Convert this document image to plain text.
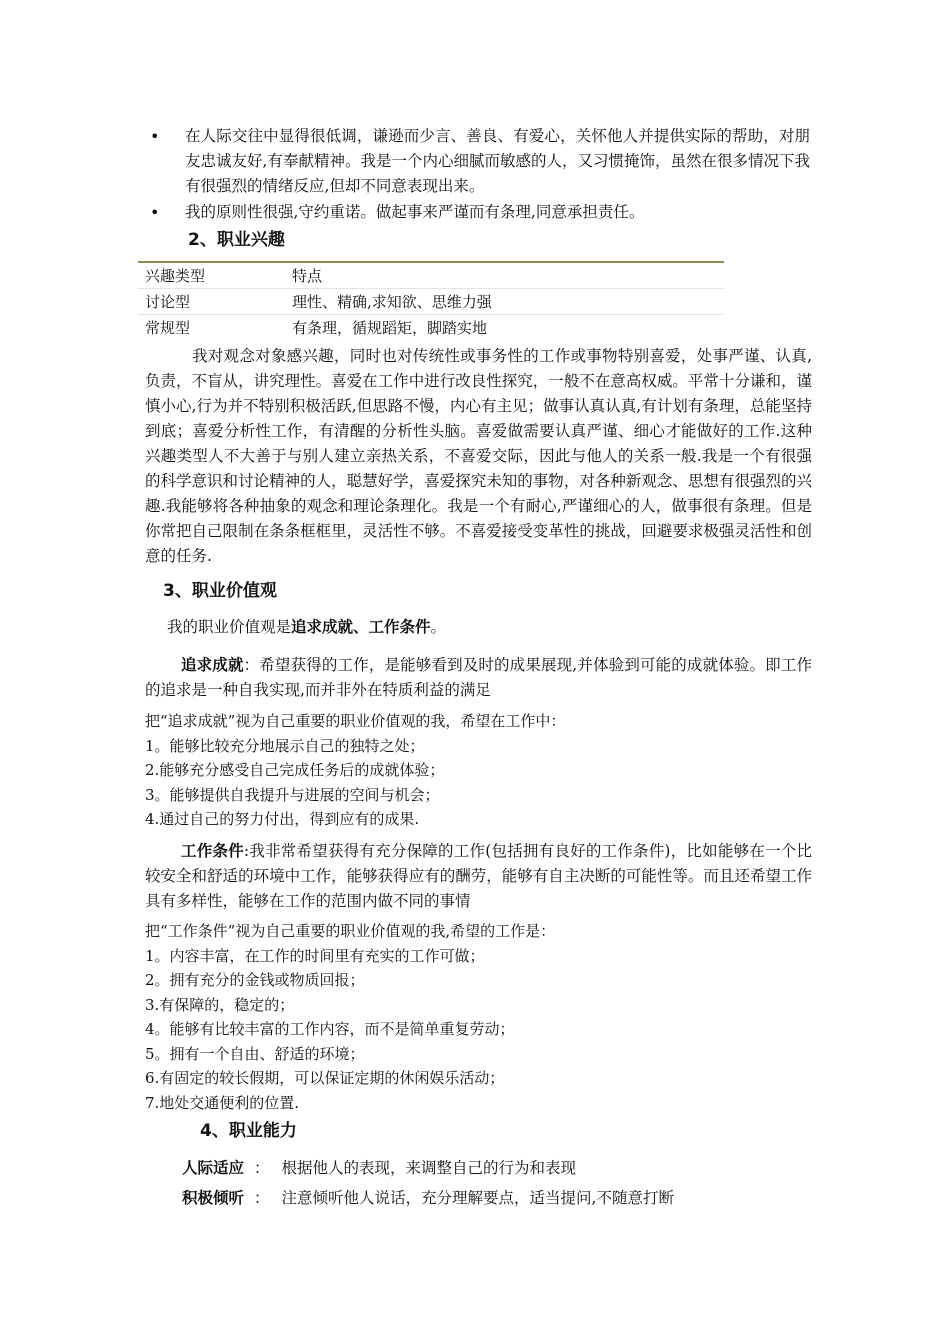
•	在人际交往中显得很低调，谦逊而少言、善良、有爱心，关怀他人并提供实际的帮助，对朋友忠诚友好,有奉献精神。我是一个内心细腻而敏感的人，又习惯掩饰，虽然在很多情况下我有很强烈的情绪反应,但却不同意表现出来。
•	我的原则性很强,守约重诺。做起事来严谨而有条理,同意承担责任。
2、职业兴趣
兴趣类型	特点
讨论型	理性、精确,求知欲、思维力强
常规型	有条理，循规蹈矩，脚踏实地
我对观念对象感兴趣，同时也对传统性或事务性的工作或事物特别喜爱，处事严谨、认真,负责，不盲从，讲究理性。喜爱在工作中进行改良性探究，一般不在意高权威。平常十分谦和，谨慎小心,行为并不特别积极活跃,但思路不慢，内心有主见；做事认真认真,有计划有条理，总能坚持到底；喜爱分析性工作，有清醒的分析性头脑。喜爱做需要认真严谨、细心才能做好的工作.这种兴趣类型人不大善于与别人建立亲热关系，不喜爱交际，因此与他人的关系一般.我是一个有很强的科学意识和讨论精神的人，聪慧好学，喜爱探究未知的事物，对各种新观念、思想有很强烈的兴趣.我能够将各种抽象的观念和理论条理化。我是一个有耐心,严谨细心的人，做事很有条理。但是你常把自己限制在条条框框里，灵活性不够。不喜爱接受变革性的挑战，回避要求极强灵活性和创意的任务.
3、职业价值观
我的职业价值观是追求成就、工作条件。
追求成就：希望获得的工作，是能够看到及时的成果展现,并体验到可能的成就体验。即工作的追求是一种自我实现,而并非外在特质利益的满足
把“追求成就”视为自己重要的职业价值观的我，希望在工作中：
1。能够比较充分地展示自己的独特之处；
2.能够充分感受自己完成任务后的成就体验；
3。能够提供自我提升与进展的空间与机会；
4.通过自己的努力付出，得到应有的成果.
工作条件:我非常希望获得有充分保障的工作(包括拥有良好的工作条件)，比如能够在一个比较安全和舒适的环境中工作，能够获得应有的酬劳，能够有自主决断的可能性等。而且还希望工作具有多样性，能够在工作的范围内做不同的事情
把“工作条件”视为自己重要的职业价值观的我,希望的工作是：
1。内容丰富，在工作的时间里有充实的工作可做；
2。拥有充分的金钱或物质回报；
3.有保障的，稳定的；
4。能够有比较丰富的工作内容，而不是简单重复劳动；
5。拥有一个自由、舒适的环境；
6.有固定的较长假期，可以保证定期的休闲娱乐活动；
7.地处交通便利的位置.
4、职业能力
人际适应 ： 根据他人的表现，来调整自己的行为和表现
积极倾听 ： 注意倾听他人说话，充分理解要点，适当提问,不随意打断
